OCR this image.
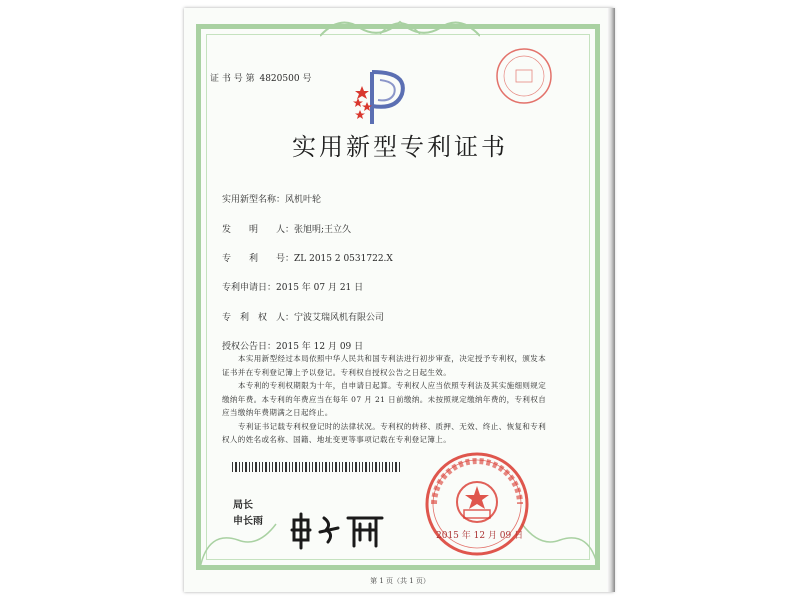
证 书 号 第 4820500 号
实用新型专利证书
实用新型名称：风机叶轮
发　　明　　人：张旭明;王立久
专　　利　　号：ZL 2015 2 0531722.X
专利申请日：2015 年 07 月 21 日
专　利　权　人：宁波艾瑞风机有限公司
授权公告日：2015 年 12 月 09 日

本实用新型经过本局依照中华人民共和国专利法进行初步审查，决定授予专利权，颁发本证书并在专利登记簿上予以登记。专利权自授权公告之日起生效。

本专利的专利权期限为十年，自申请日起算。专利权人应当依照专利法及其实施细则规定缴纳年费。本专利的年费应当在每年 07 月 21 日前缴纳。未按照规定缴纳年费的，专利权自应当缴纳年费期满之日起终止。

专利证书记载专利权登记时的法律状况。专利权的转移、质押、无效、终止、恢复和专利权人的姓名或名称、国籍、地址变更等事项记载在专利登记簿上。

局长
申长雨
2015 年 12 月 09 日
第 1 页（共 1 页）
